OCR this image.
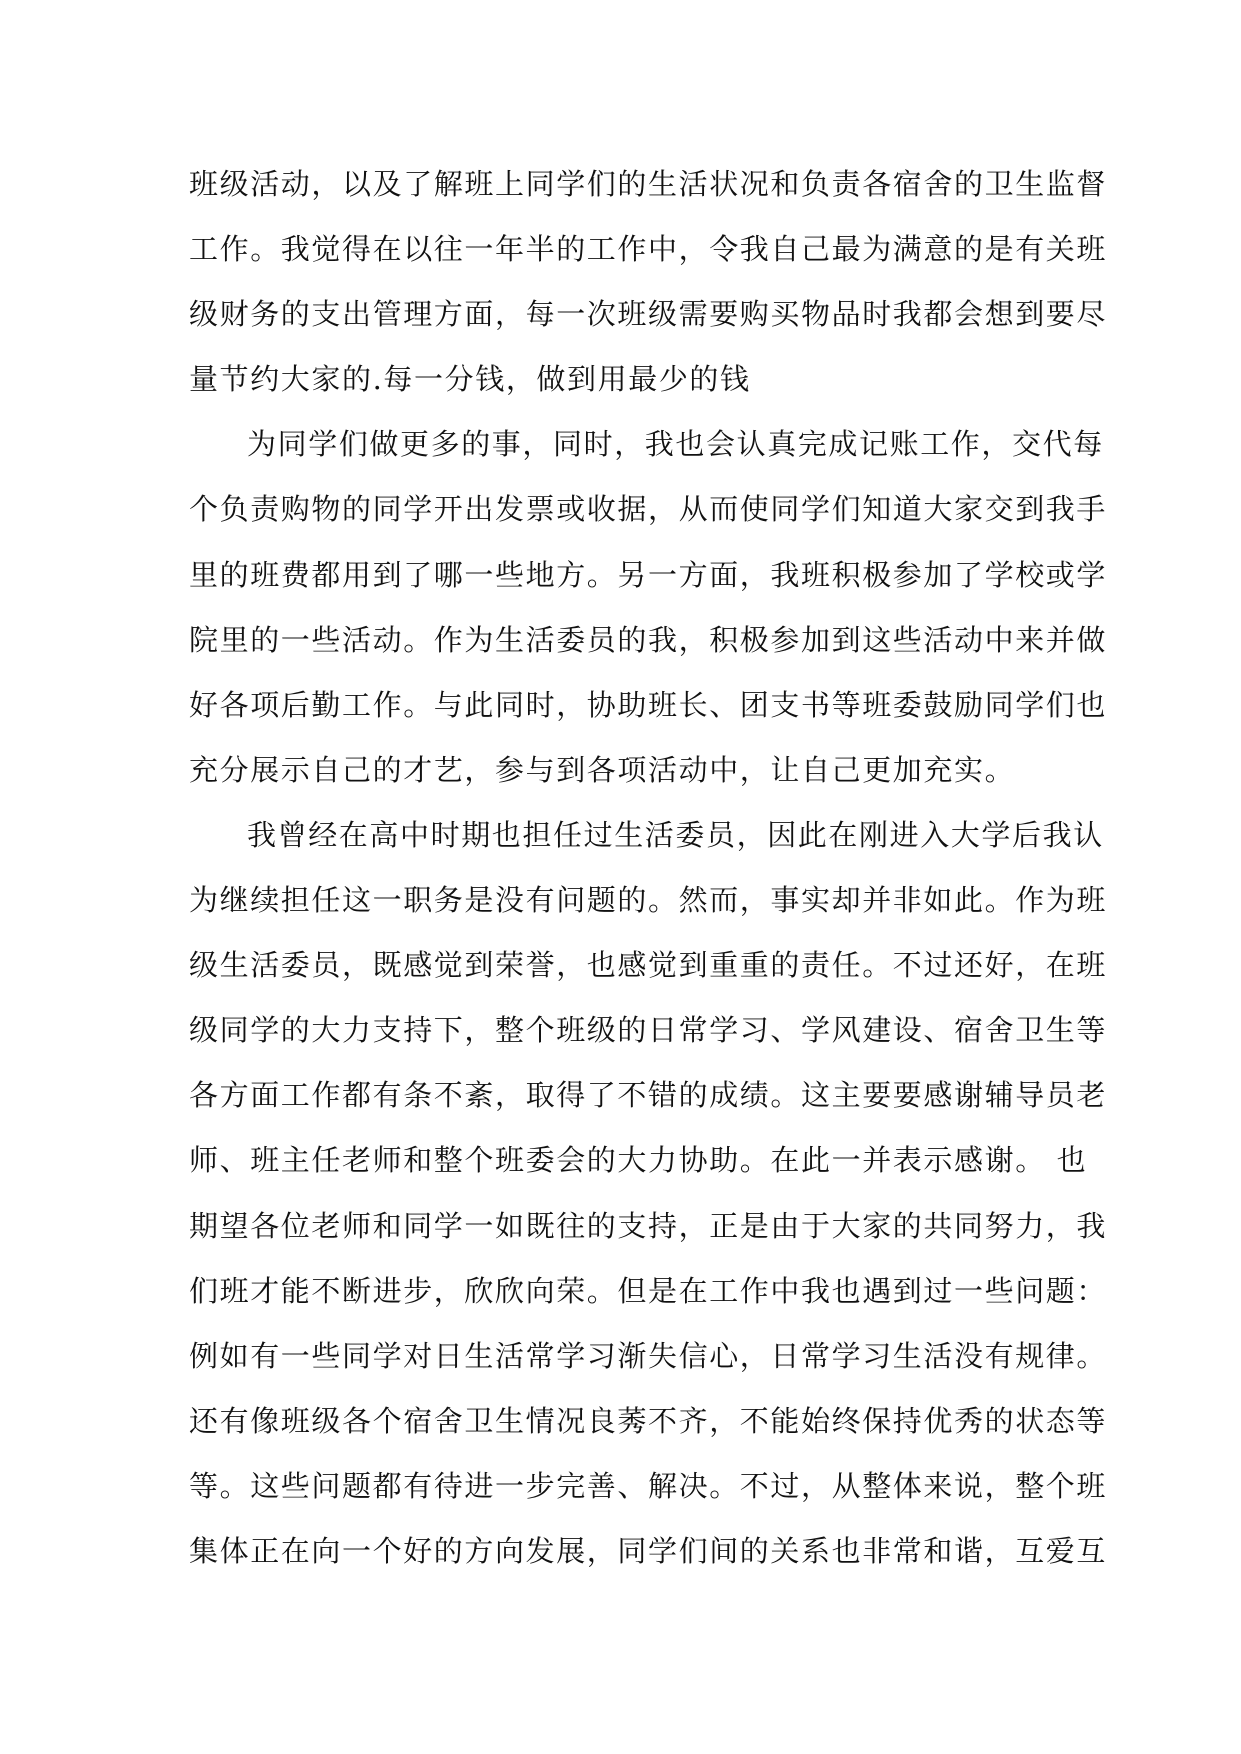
班级活动，以及了解班上同学们的生活状况和负责各宿舍的卫生监督
工作。我觉得在以往一年半的工作中，令我自己最为满意的是有关班
级财务的支出管理方面，每一次班级需要购买物品时我都会想到要尽
量节约大家的.每一分钱，做到用最少的钱
为同学们做更多的事，同时，我也会认真完成记账工作，交代每
个负责购物的同学开出发票或收据，从而使同学们知道大家交到我手
里的班费都用到了哪一些地方。另一方面，我班积极参加了学校或学
院里的一些活动。作为生活委员的我，积极参加到这些活动中来并做
好各项后勤工作。与此同时，协助班长、团支书等班委鼓励同学们也
充分展示自己的才艺，参与到各项活动中，让自己更加充实。
我曾经在高中时期也担任过生活委员，因此在刚进入大学后我认
为继续担任这一职务是没有问题的。然而，事实却并非如此。作为班
级生活委员，既感觉到荣誉，也感觉到重重的责任。不过还好，在班
级同学的大力支持下，整个班级的日常学习、学风建设、宿舍卫生等
各方面工作都有条不紊，取得了不错的成绩。这主要要感谢辅导员老
师、班主任老师和整个班委会的大力协助。在此一并表示感谢。 也
期望各位老师和同学一如既往的支持，正是由于大家的共同努力，我
们班才能不断进步，欣欣向荣。但是在工作中我也遇到过一些问题：
例如有一些同学对日生活常学习渐失信心，日常学习生活没有规律。
还有像班级各个宿舍卫生情况良莠不齐，不能始终保持优秀的状态等
等。这些问题都有待进一步完善、解决。不过，从整体来说，整个班
集体正在向一个好的方向发展，同学们间的关系也非常和谐，互爱互
